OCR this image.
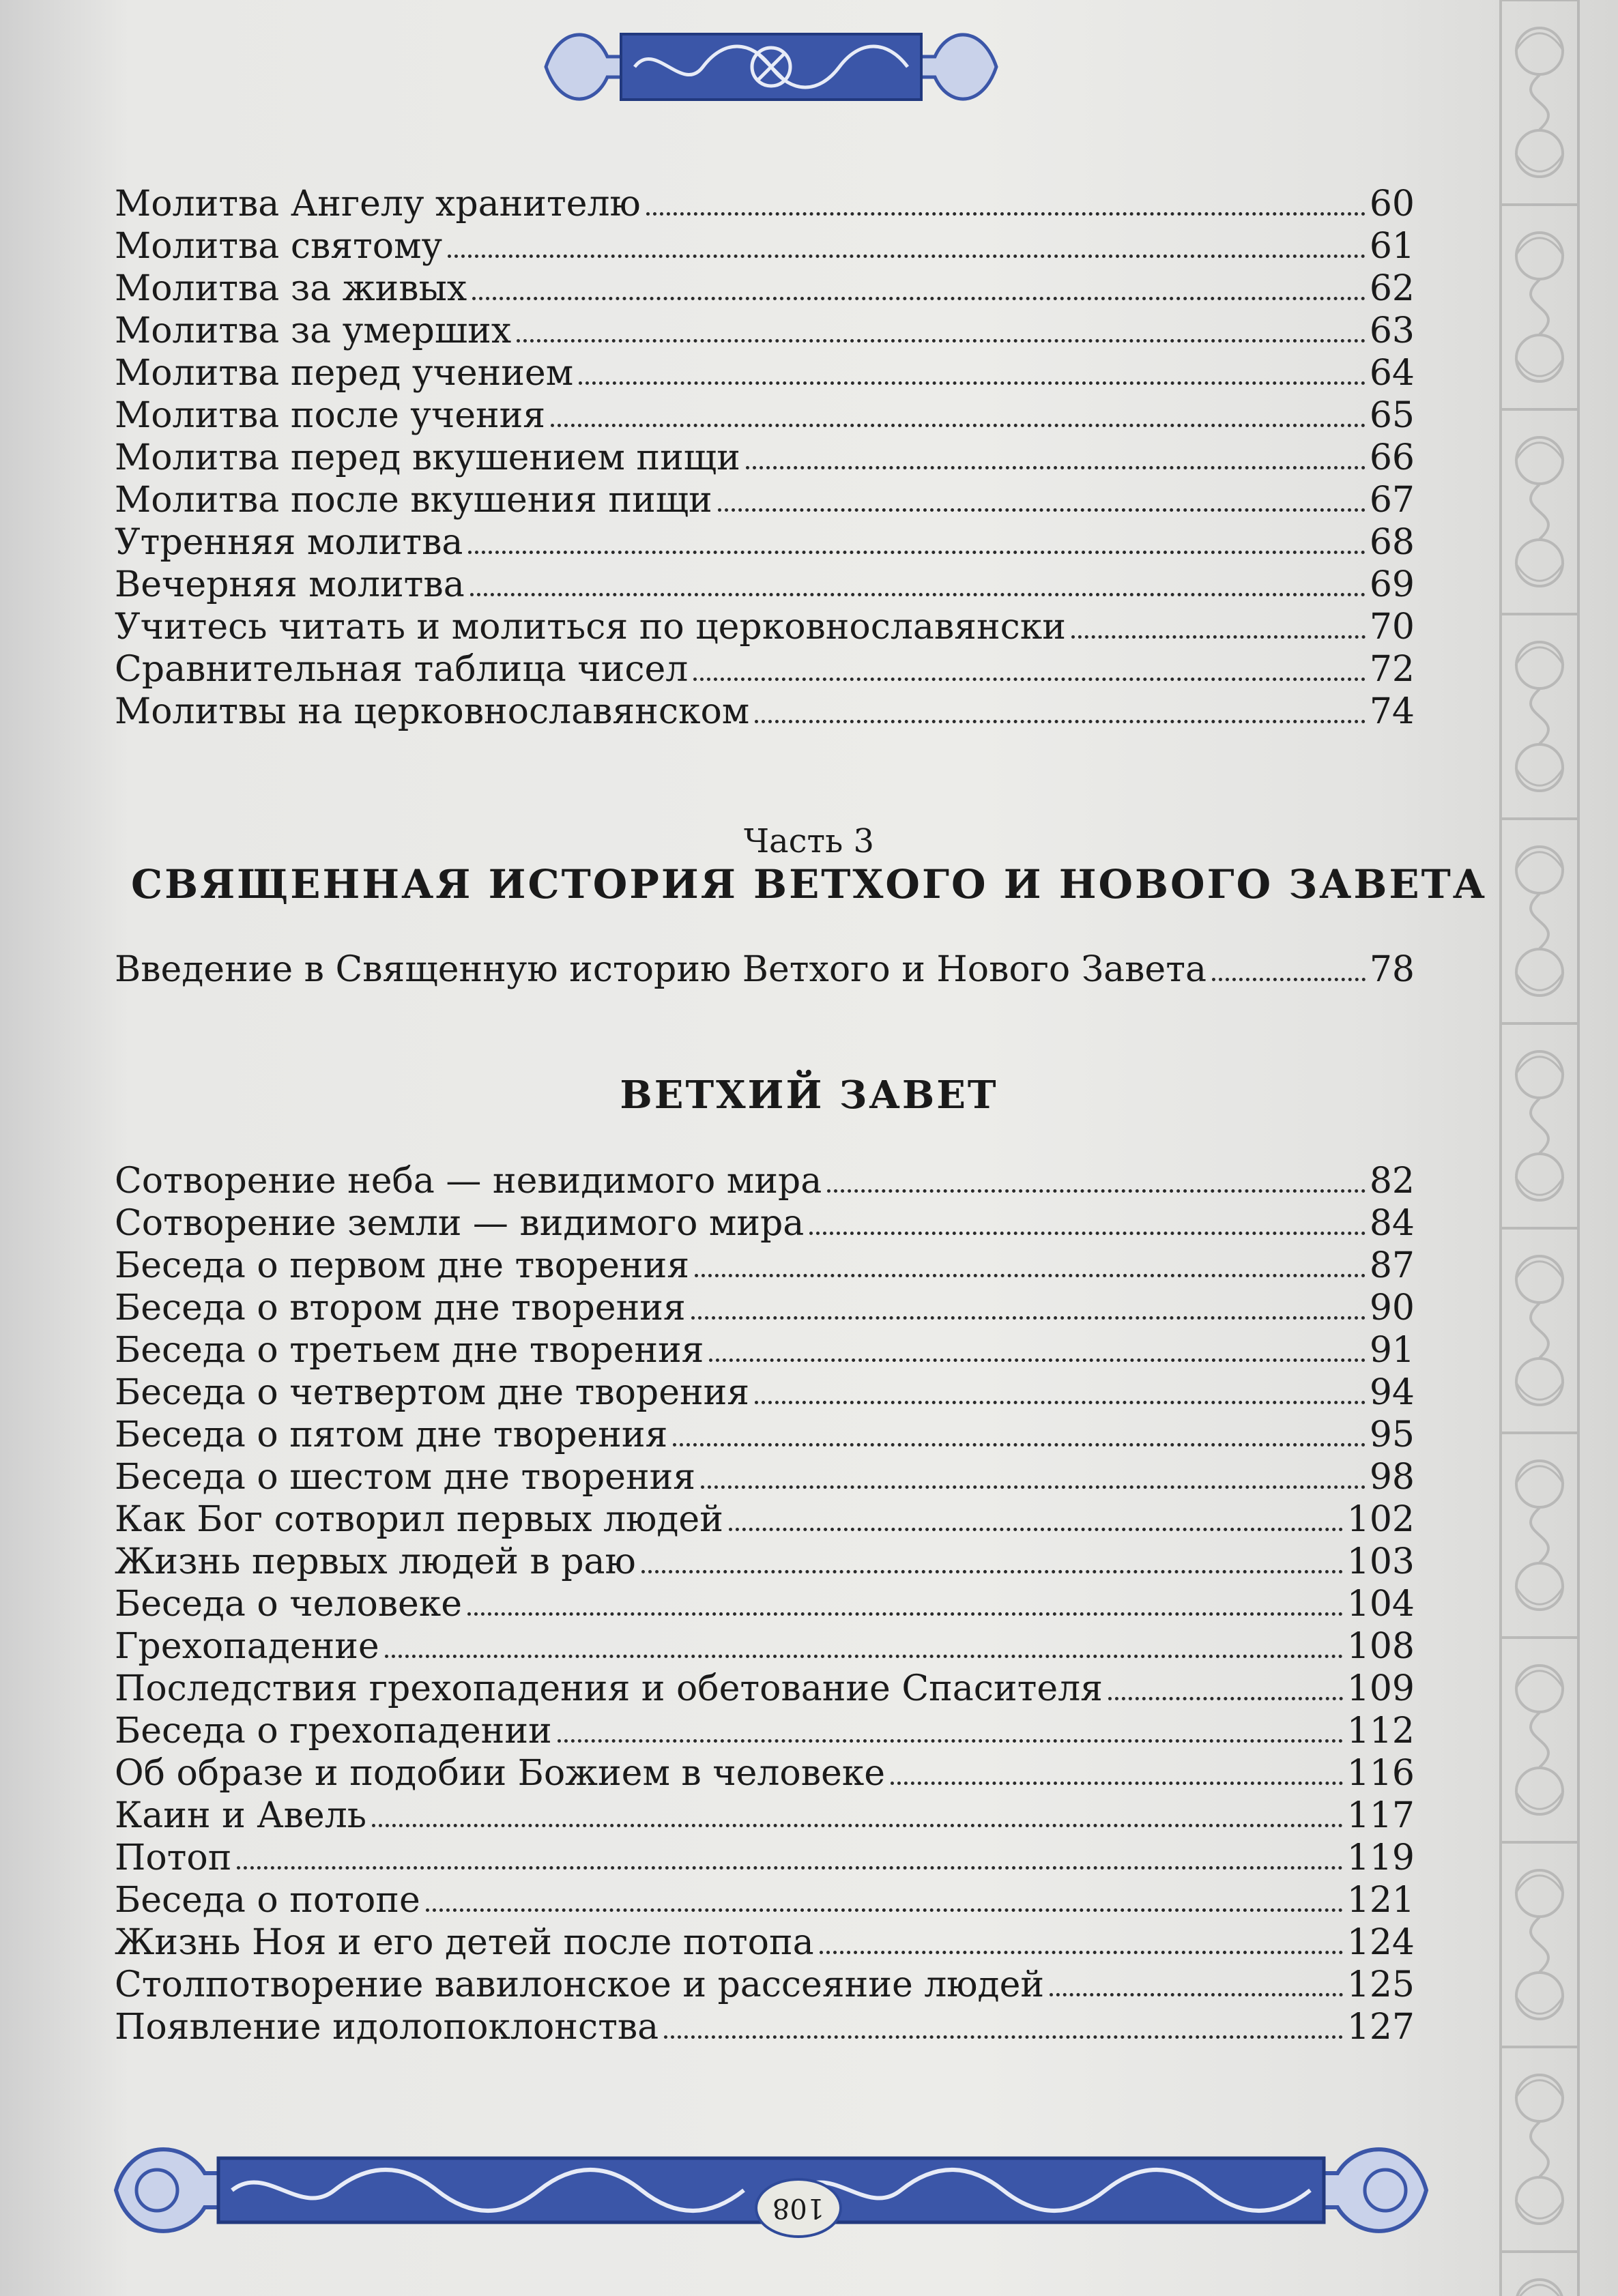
Молитва Ангелу хранителю	60
Молитва святому	61
Молитва за живых	62
Молитва за умерших	63
Молитва перед учением	64
Молитва после учения	65
Молитва перед вкушением пищи	66
Молитва после вкушения пищи	67
Утренняя молитва	68
Вечерняя молитва	69
Учитесь читать и молиться по церковнославянски	70
Сравнительная таблица чисел	72
Молитвы на церковнославянском	74
Часть 3
СВЯЩЕННАЯ ИСТОРИЯ ВЕТХОГО И НОВОГО ЗАВЕТА
Введение в Священную историю Ветхого и Нового Завета	78
ВЕТХИЙ ЗАВЕТ
Сотворение неба — невидимого мира	82
Сотворение земли — видимого мира	84
Беседа о первом дне творения	87
Беседа о втором дне творения	90
Беседа о третьем дне творения	91
Беседа о четвертом дне творения	94
Беседа о пятом дне творения	95
Беседа о шестом дне творения	98
Как Бог сотворил первых людей	102
Жизнь первых людей в раю	103
Беседа о человеке	104
Грехопадение	108
Последствия грехопадения и обетование Спасителя	109
Беседа о грехопадении	112
Об образе и подобии Божием в человеке	116
Каин и Авель	117
Потоп	119
Беседа о потопе	121
Жизнь Ноя и его детей после потопа	124
Столпотворение вавилонское и рассеяние людей	125
Появление идолопоклонства	127
108
